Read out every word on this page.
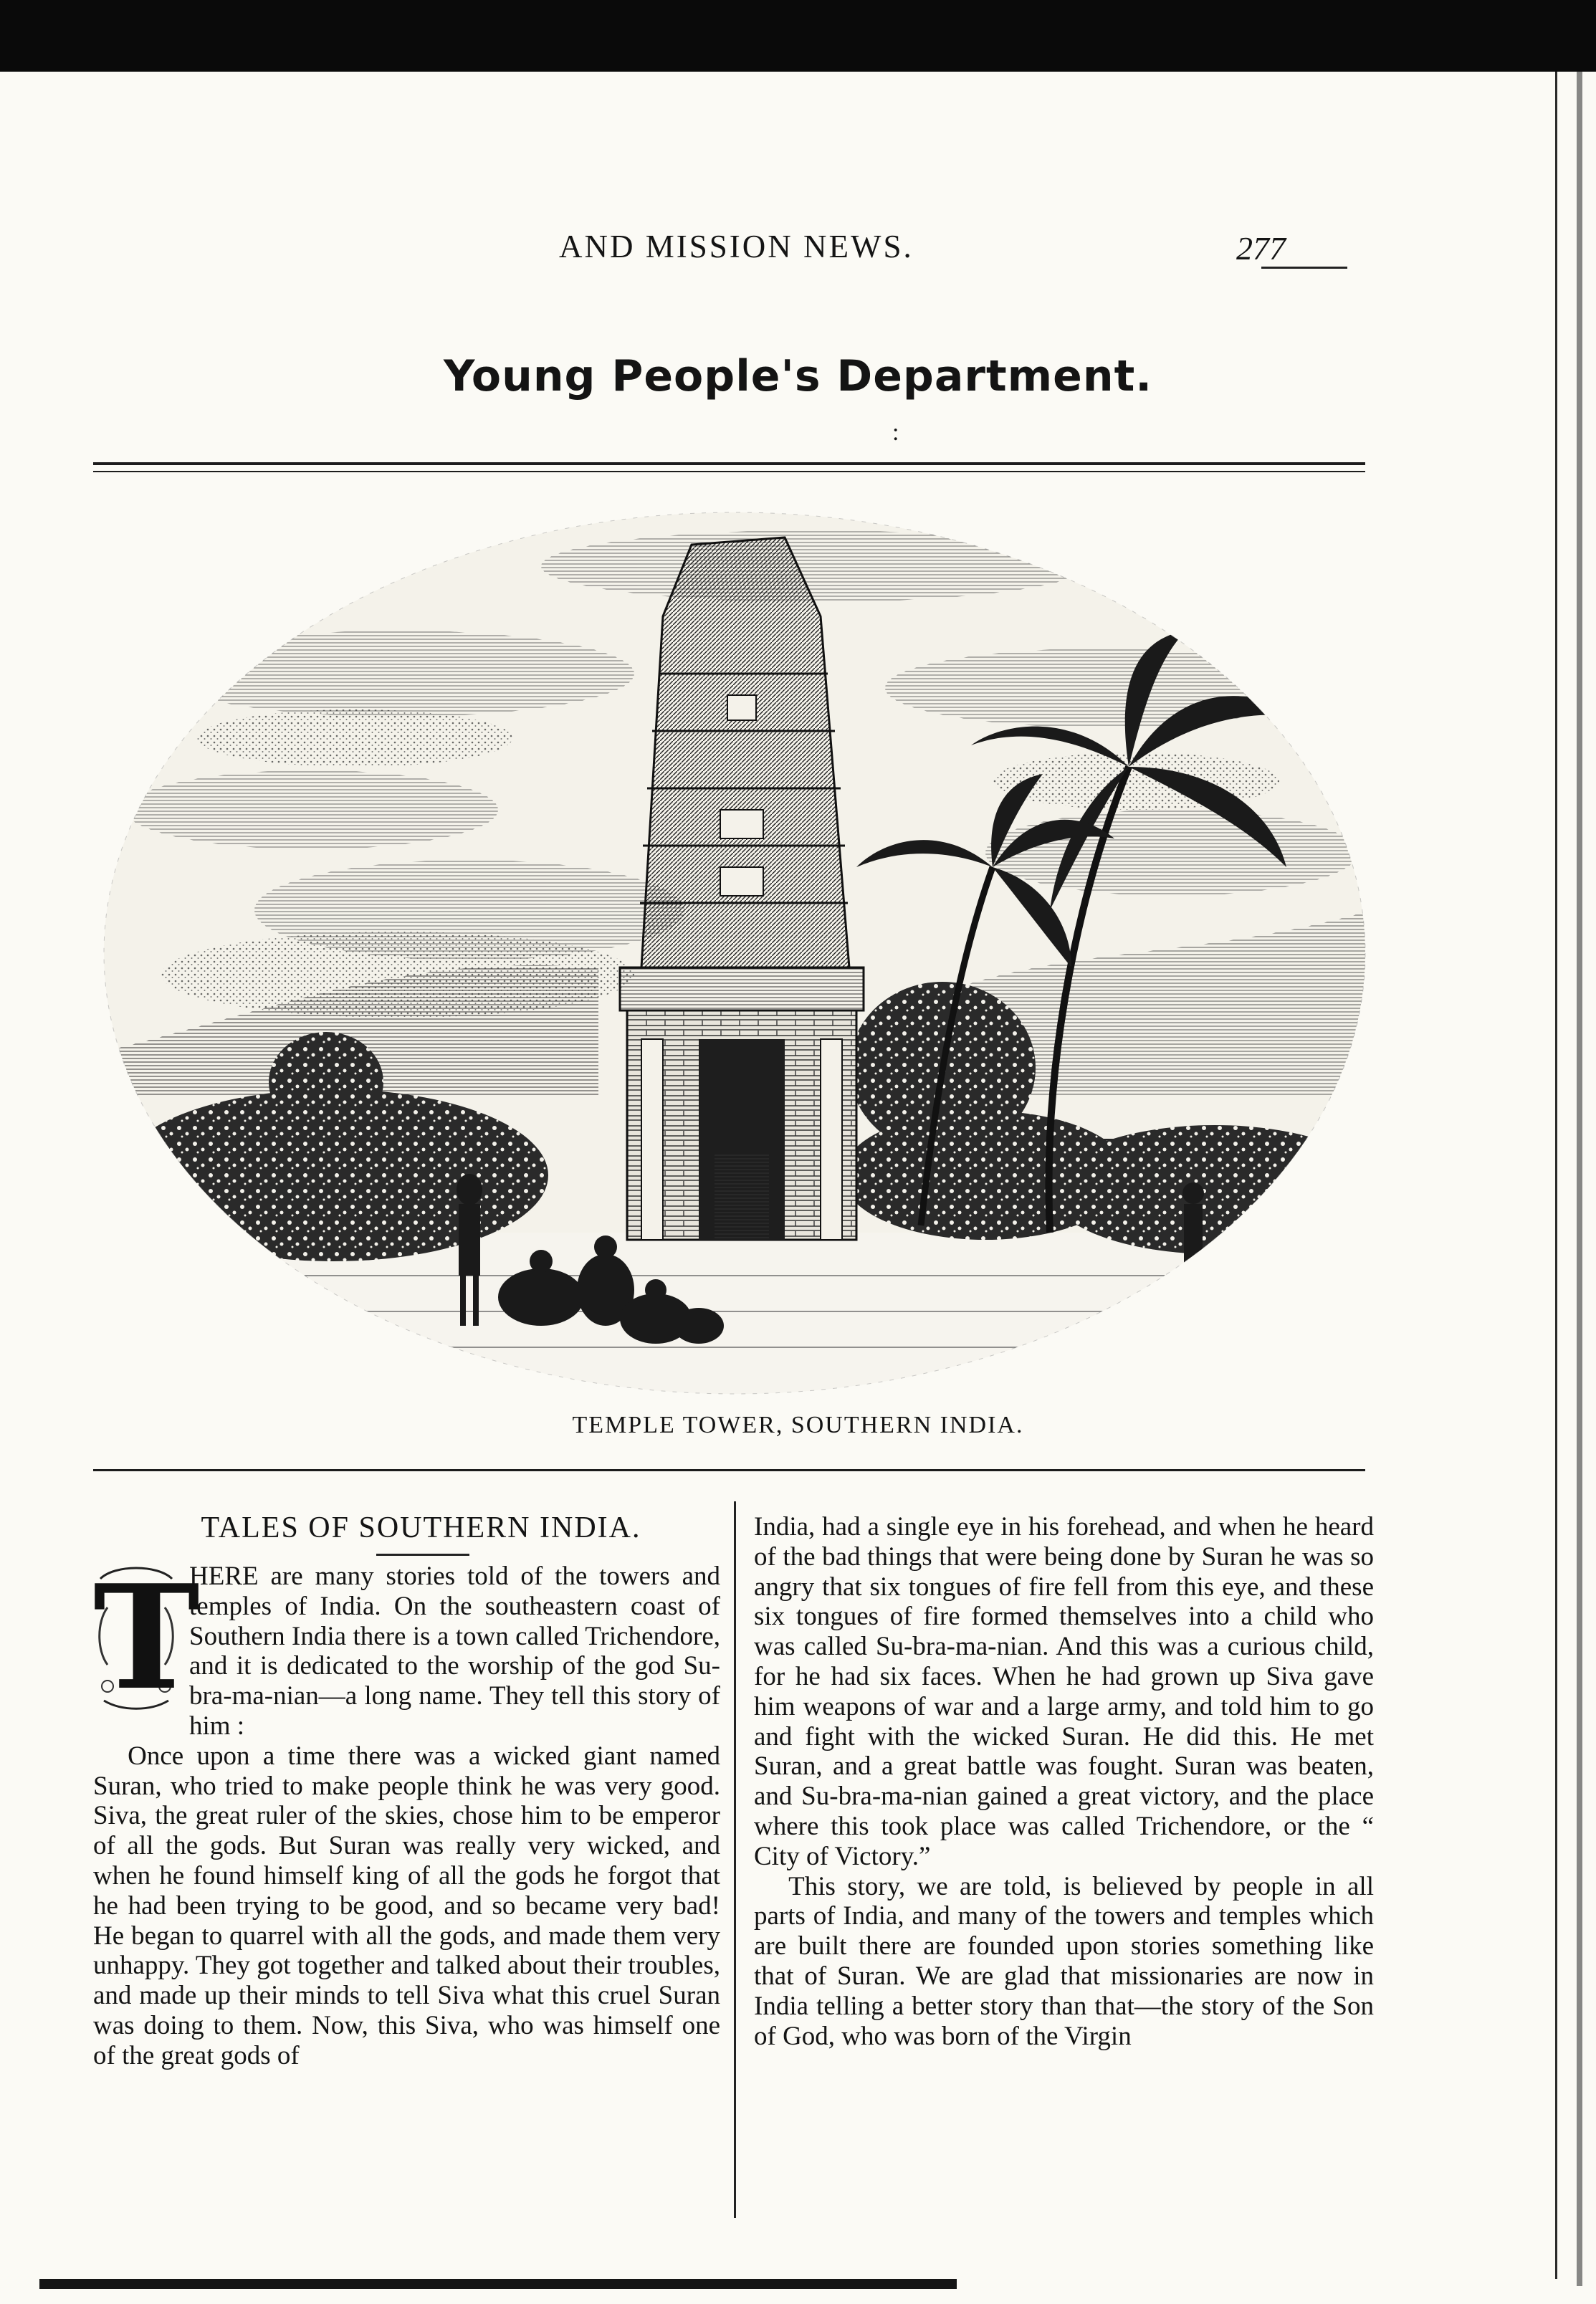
AND MISSION NEWS.	277
Young People's Department.
:
TEMPLE TOWER, SOUTHERN INDIA.
TALES OF SOUTHERN INDIA.
T

HERE are many stories told of the towers and temples of India. On the southeastern coast of Southern India there is a town called Trichendore, and it is dedicated to the worship of the god Su-bra-ma-nian—a long name. They tell this story of him :

Once upon a time there was a wicked giant named Suran, who tried to make people think he was very good. Siva, the great ruler of the skies, chose him to be emperor of all the gods. But Suran was really very wicked, and when he found himself king of all the gods he forgot that he had been trying to be good, and so became very bad! He began to quarrel with all the gods, and made them very unhappy. They got together and talked about their troubles, and made up their minds to tell Siva what this cruel Suran was doing to them. Now, this Siva, who was himself one of the great gods of

India, had a single eye in his forehead, and when he heard of the bad things that were being done by Suran he was so angry that six tongues of fire fell from this eye, and these six tongues of fire formed themselves into a child who was called Su-bra-ma-nian. And this was a curious child, for he had six faces. When he had grown up Siva gave him weapons of war and a large army, and told him to go and fight with the wicked Suran. He did this. He met Suran, and a great battle was fought. Suran was beaten, and Su-bra-ma-nian gained a great victory, and the place where this took place was called Trichendore, or the “ City of Victory.”

This story, we are told, is believed by people in all parts of India, and many of the towers and temples which are built there are founded upon stories something like that of Suran. We are glad that missionaries are now in India telling a better story than that—the story of the Son of God, who was born of the Virgin
